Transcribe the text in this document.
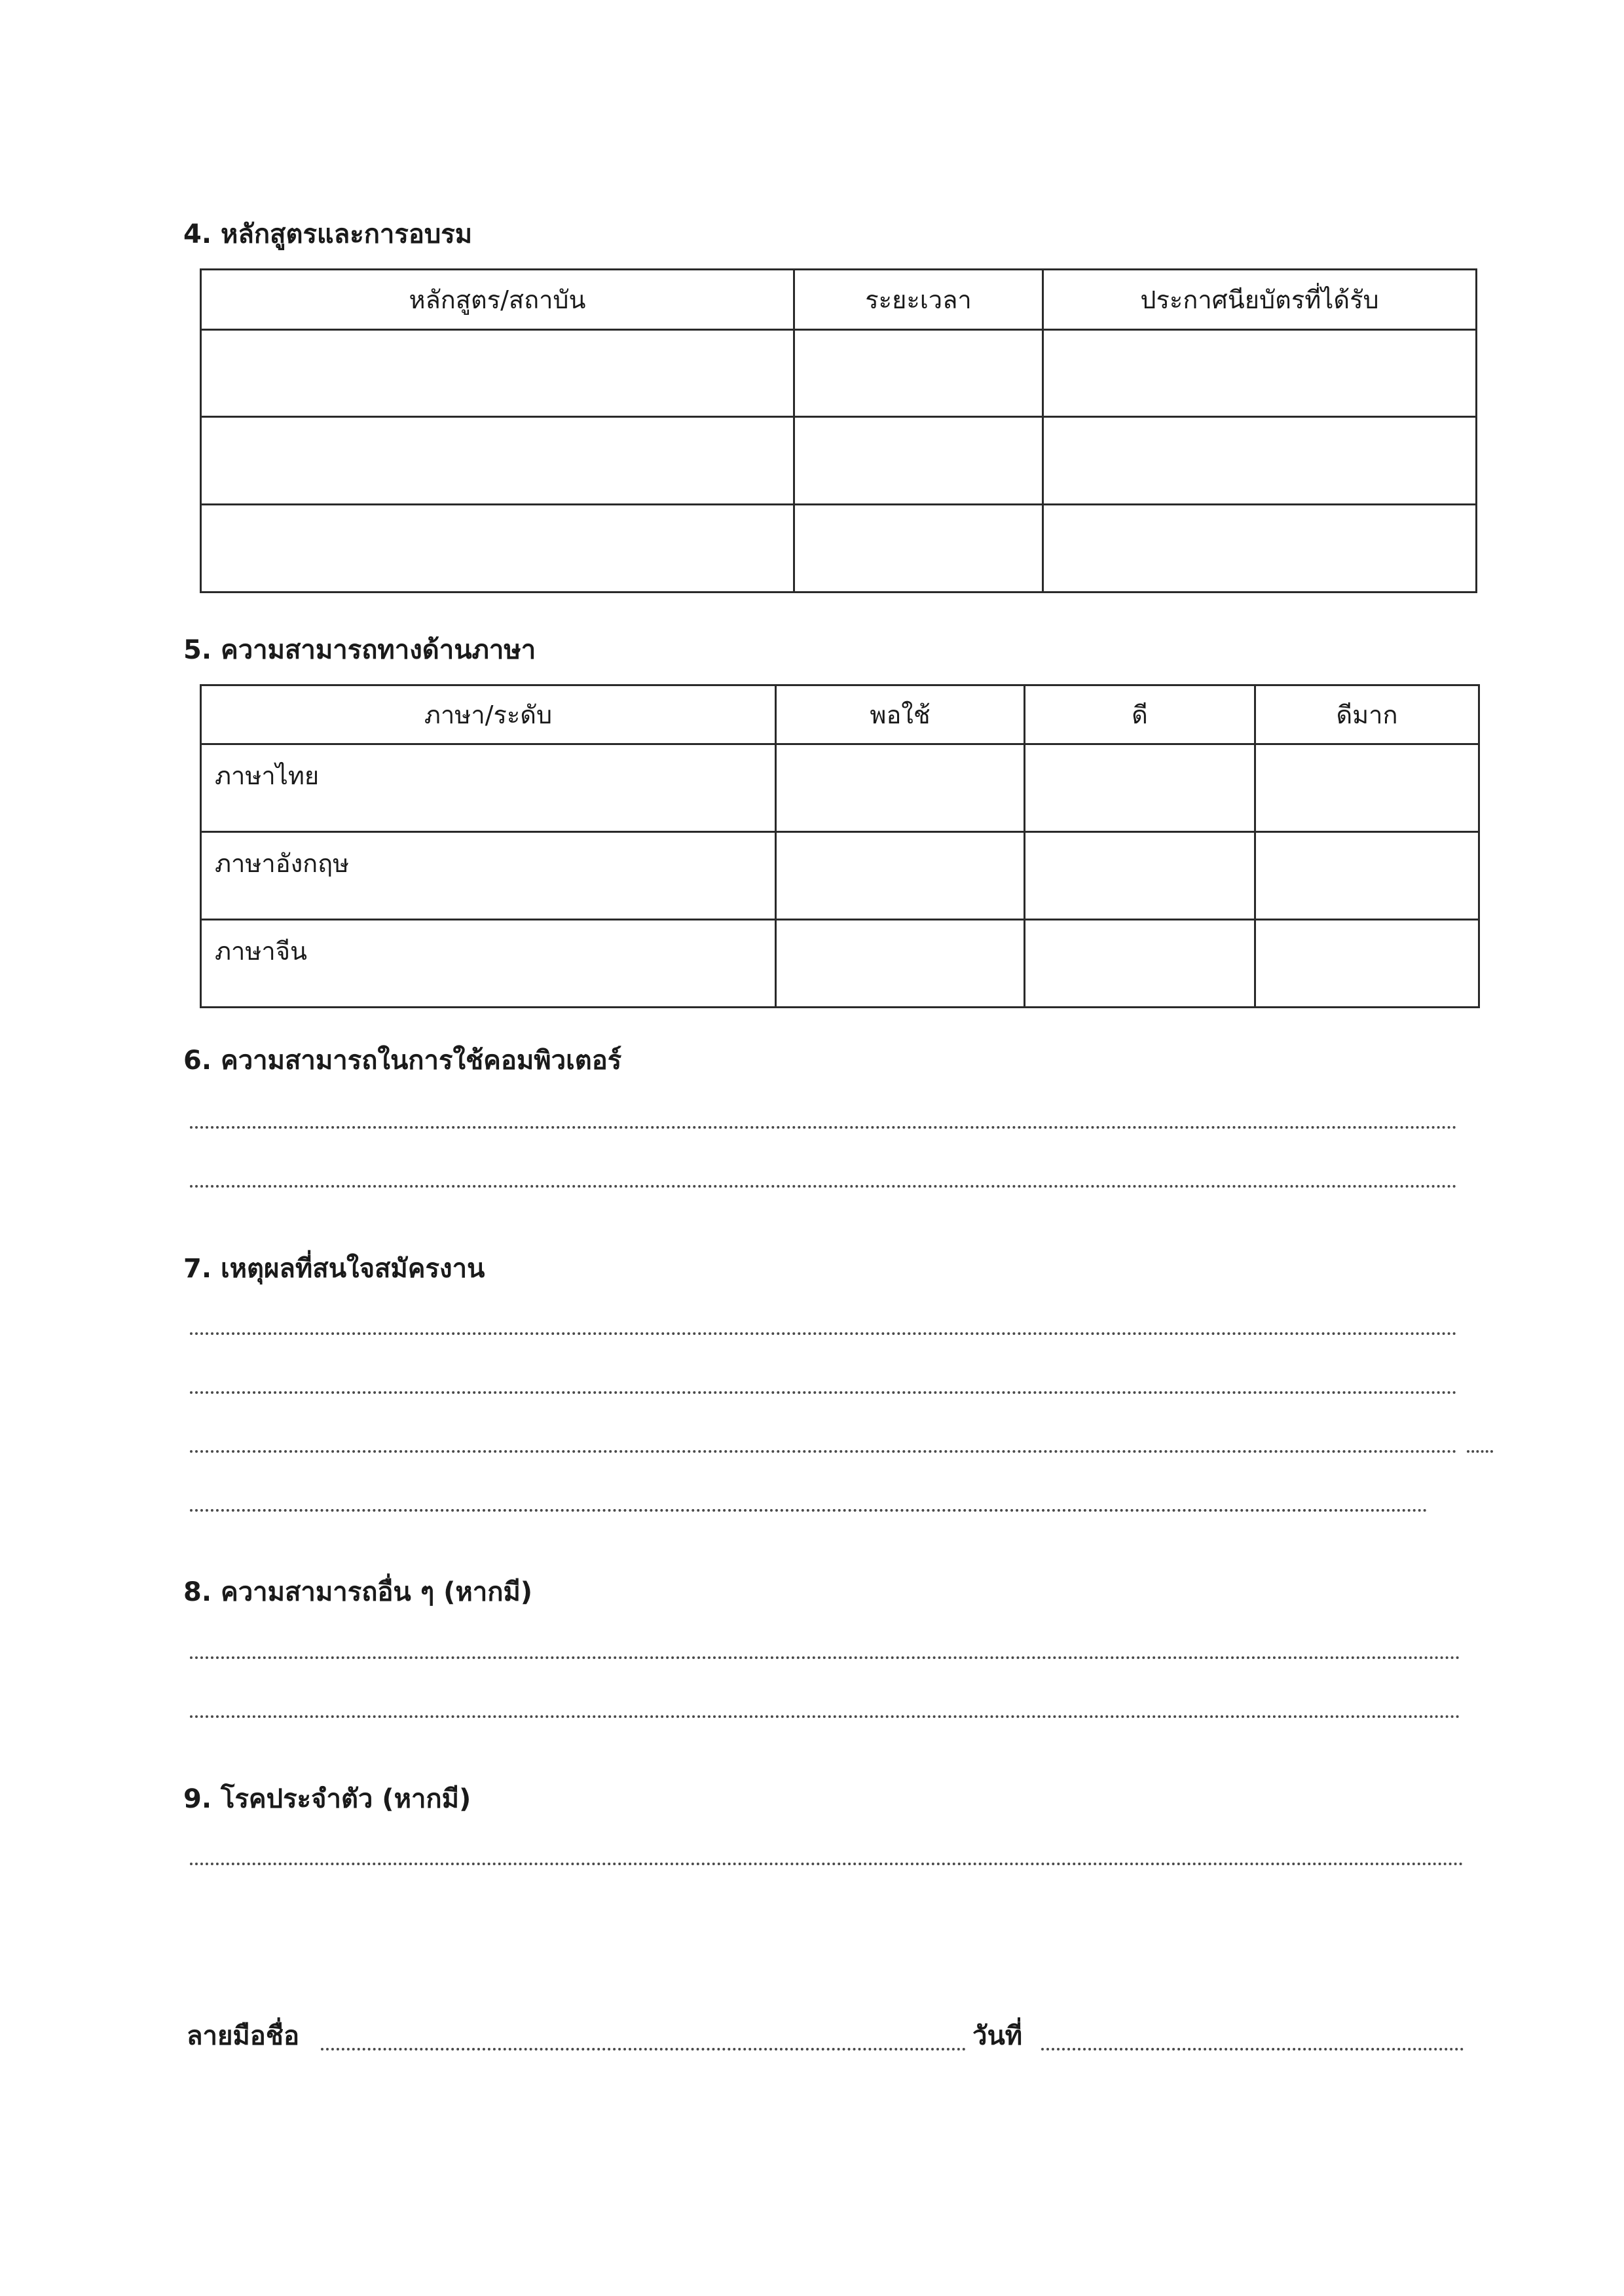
4. หลักสูตรและการอบรม
หลักสูตร/สถาบัน	ระยะเวลา	ประกาศนียบัตรที่ได้รับ

5. ความสามารถทางด้านภาษา
ภาษา/ระดับ	พอใช้	ดี	ดีมาก
ภาษาไทย			
ภาษาอังกฤษ			
ภาษาจีน			
6. ความสามารถในการใช้คอมพิวเตอร์
7. เหตุผลที่สนใจสมัครงาน
8. ความสามารถอื่น ๆ (หากมี)
9. โรคประจำตัว (หากมี)
ลายมือชื่อ	วันที่
